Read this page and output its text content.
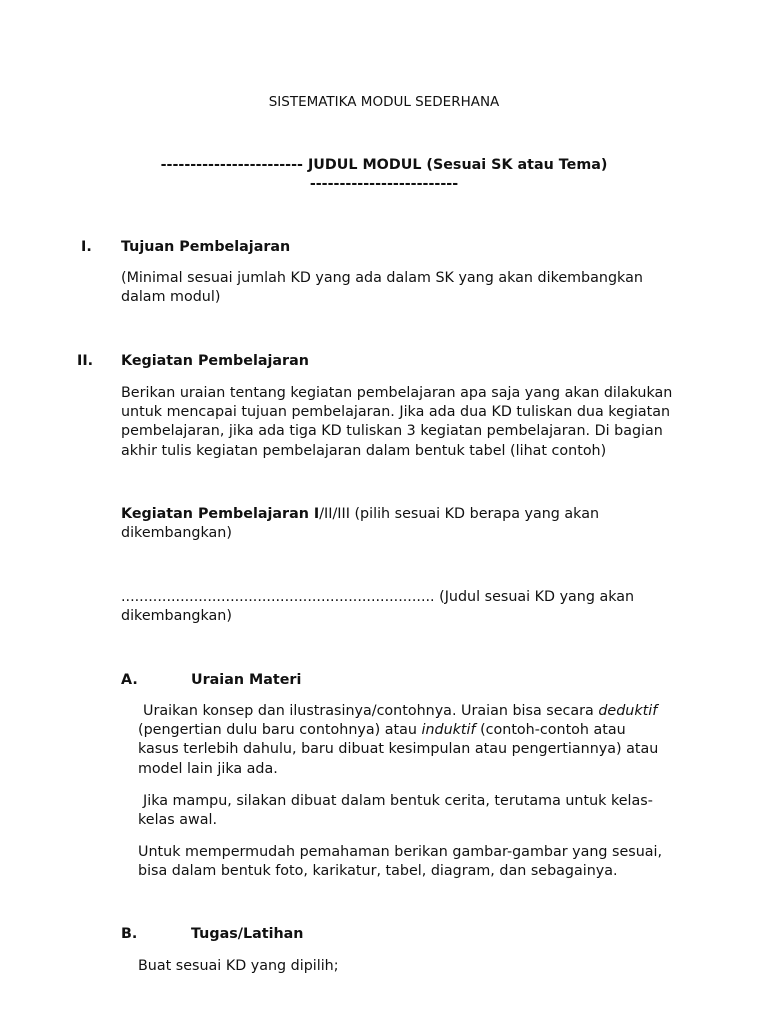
SISTEMATIKA MODUL SEDERHANA
------------------------ JUDUL MODUL (Sesuai SK atau Tema)
-------------------------
I. Tujuan Pembelajaran

(Minimal sesuai jumlah KD yang ada dalam SK yang akan dikembangkan dalam modul)

II. Kegiatan Pembelajaran

Berikan uraian tentang kegiatan pembelajaran apa saja yang akan dilakukan untuk mencapai tujuan pembelajaran. Jika ada dua KD tuliskan dua kegiatan pembelajaran, jika ada tiga KD tuliskan 3 kegiatan pembelajaran. Di bagian akhir tulis kegiatan pembelajaran dalam bentuk tabel (lihat contoh)

Kegiatan Pembelajaran I/II/III (pilih sesuai KD berapa yang akan dikembangkan)

..................................................................... (Judul sesuai KD yang akan dikembangkan)

A.	Uraian Materi

Uraikan konsep dan ilustrasinya/contohnya. Uraian bisa secara deduktif (pengertian dulu baru contohnya) atau induktif (contoh-contoh atau kasus terlebih dahulu, baru dibuat kesimpulan atau pengertiannya) atau model lain jika ada.

Jika mampu, silakan dibuat dalam bentuk cerita, terutama untuk kelas-kelas awal.

Untuk mempermudah pemahaman berikan gambar-gambar yang sesuai, bisa dalam bentuk foto, karikatur, tabel, diagram, dan sebagainya.

B.	Tugas/Latihan

Buat sesuai KD yang dipilih;
